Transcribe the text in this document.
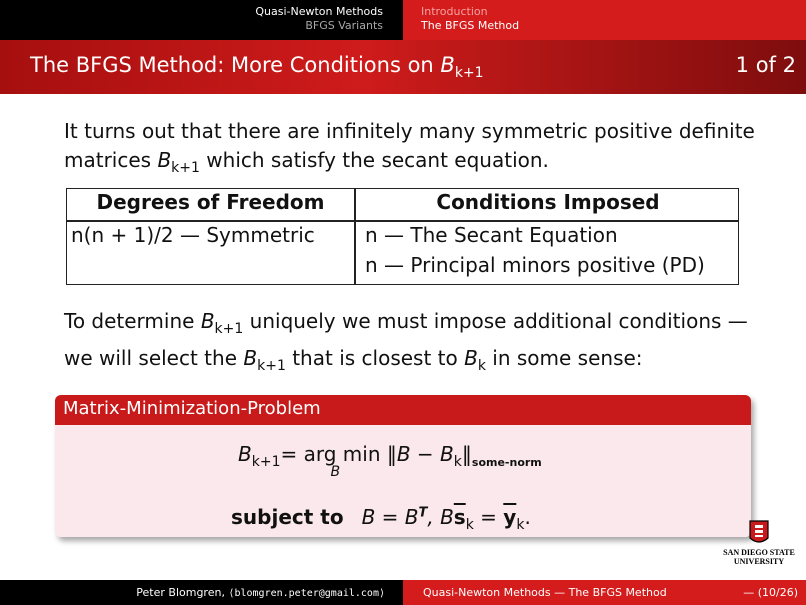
Quasi-Newton Methods
BFGS Variants
Introduction
The BFGS Method
The BFGS Method: More Conditions on $B_{k+1}$	1 of 2
It turns out that there are infinitely many symmetric positive definite matrices $B_{k+1}$ which satisfy the secant equation.
Degrees of Freedom	Conditions Imposed
n(n + 1)/2 — Symmetric	n — The Secant Equation
n — Principal minors positive (PD)
To determine $B_{k+1}$ uniquely we must impose additional conditions — we will select the $B_{k+1}$ that is closest to $B_k$ in some sense:
Matrix-Minimization-Problem
$B_{k+1}=$ arg min
B
‖B − $B_k‖_{some-norm}$
subject to $B = B^T$, $B\overline{s}_k = \overline{y}_k$.
SAN DIEGO STATE
UNIVERSITY
Peter Blomgren, ⟨blomgren.peter@gmail.com⟩	Quasi-Newton Methods — The BFGS Method	— (10/26)
